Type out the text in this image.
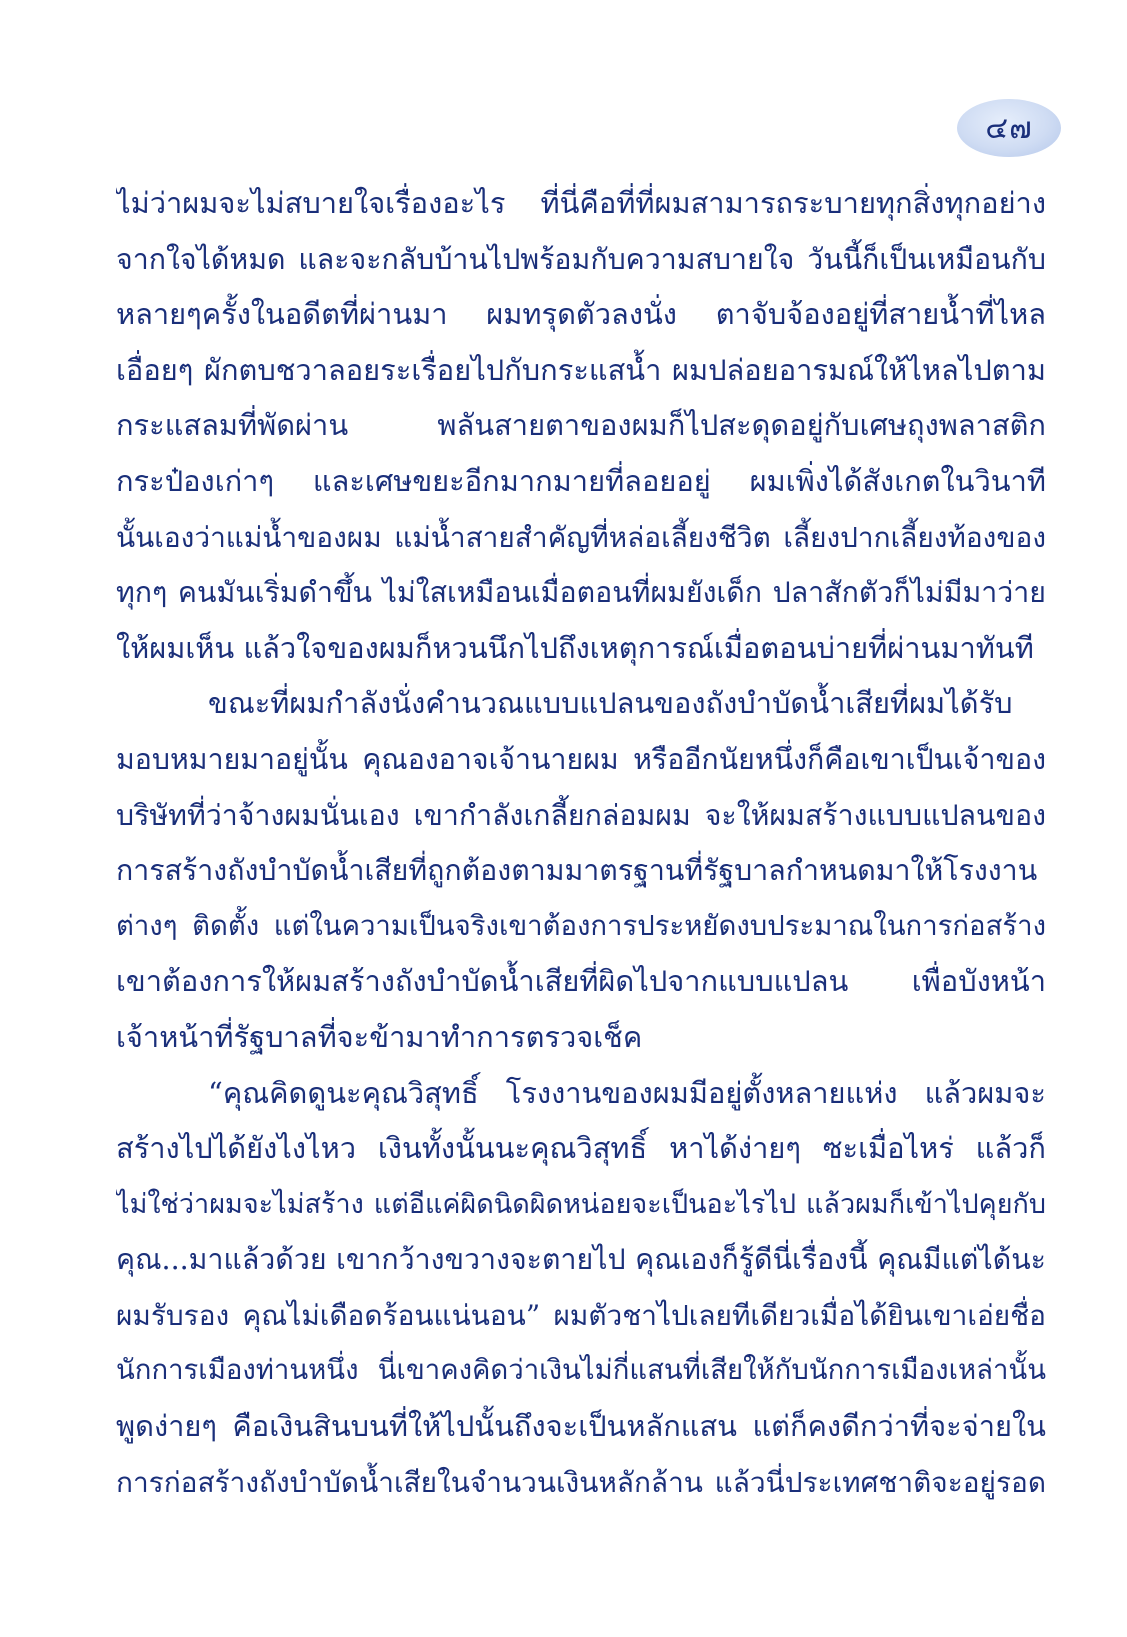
๔๗
ไม่ว่าผมจะไม่สบายใจเรื่องอะไร ที่นี่คือที่ที่ผมสามารถระบายทุกสิ่งทุกอย่าง
จากใจได้หมด และจะกลับบ้านไปพร้อมกับความสบายใจ วันนี้ก็เป็นเหมือนกับ
หลายๆครั้งในอดีตที่ผ่านมา ผมทรุดตัวลงนั่ง ตาจับจ้องอยู่ที่สายน้ำที่ไหล
เอื่อยๆ ผักตบชวาลอยระเรื่อยไปกับกระแสน้ำ ผมปล่อยอารมณ์ให้ไหลไปตาม
กระแสลมที่พัดผ่าน พลันสายตาของผมก็ไปสะดุดอยู่กับเศษถุงพลาสติก
กระป๋องเก่าๆ และเศษขยะอีกมากมายที่ลอยอยู่ ผมเพิ่งได้สังเกตในวินาที
นั้นเองว่าแม่น้ำของผม แม่น้ำสายสำคัญที่หล่อเลี้ยงชีวิต เลี้ยงปากเลี้ยงท้องของ
ทุกๆ คนมันเริ่มดำขึ้น ไม่ใสเหมือนเมื่อตอนที่ผมยังเด็ก ปลาสักตัวก็ไม่มีมาว่าย
ให้ผมเห็น แล้วใจของผมก็หวนนึกไปถึงเหตุการณ์เมื่อตอนบ่ายที่ผ่านมาทันที
ขณะที่ผมกำลังนั่งคำนวณแบบแปลนของถังบำบัดน้ำเสียที่ผมได้รับ
มอบหมายมาอยู่นั้น คุณองอาจเจ้านายผม หรืออีกนัยหนึ่งก็คือเขาเป็นเจ้าของ
บริษัทที่ว่าจ้างผมนั่นเอง เขากำลังเกลี้ยกล่อมผม จะให้ผมสร้างแบบแปลนของ
การสร้างถังบำบัดน้ำเสียที่ถูกต้องตามมาตรฐานที่รัฐบาลกำหนดมาให้โรงงาน
ต่างๆ ติดตั้ง แต่ในความเป็นจริงเขาต้องการประหยัดงบประมาณในการก่อสร้าง
เขาต้องการให้ผมสร้างถังบำบัดน้ำเสียที่ผิดไปจากแบบแปลน เพื่อบังหน้า
เจ้าหน้าที่รัฐบาลที่จะข้ามาทำการตรวจเช็ค
“คุณคิดดูนะคุณวิสุทธิ์ โรงงานของผมมีอยู่ตั้งหลายแห่ง แล้วผมจะ
สร้างไปได้ยังไงไหว เงินทั้งนั้นนะคุณวิสุทธิ์ หาได้ง่ายๆ ซะเมื่อไหร่ แล้วก็
ไม่ใช่ว่าผมจะไม่สร้าง แต่อีแค่ผิดนิดผิดหน่อยจะเป็นอะไรไป แล้วผมก็เข้าไปคุยกับ
คุณ...มาแล้วด้วย เขากว้างขวางจะตายไป คุณเองก็รู้ดีนี่เรื่องนี้ คุณมีแต่ได้นะ
ผมรับรอง คุณไม่เดือดร้อนแน่นอน” ผมตัวชาไปเลยทีเดียวเมื่อได้ยินเขาเอ่ยชื่อ
นักการเมืองท่านหนึ่ง นี่เขาคงคิดว่าเงินไม่กี่แสนที่เสียให้กับนักการเมืองเหล่านั้น
พูดง่ายๆ คือเงินสินบนที่ให้ไปนั้นถึงจะเป็นหลักแสน แต่ก็คงดีกว่าที่จะจ่ายใน
การก่อสร้างถังบำบัดน้ำเสียในจำนวนเงินหลักล้าน แล้วนี่ประเทศชาติจะอยู่รอด
